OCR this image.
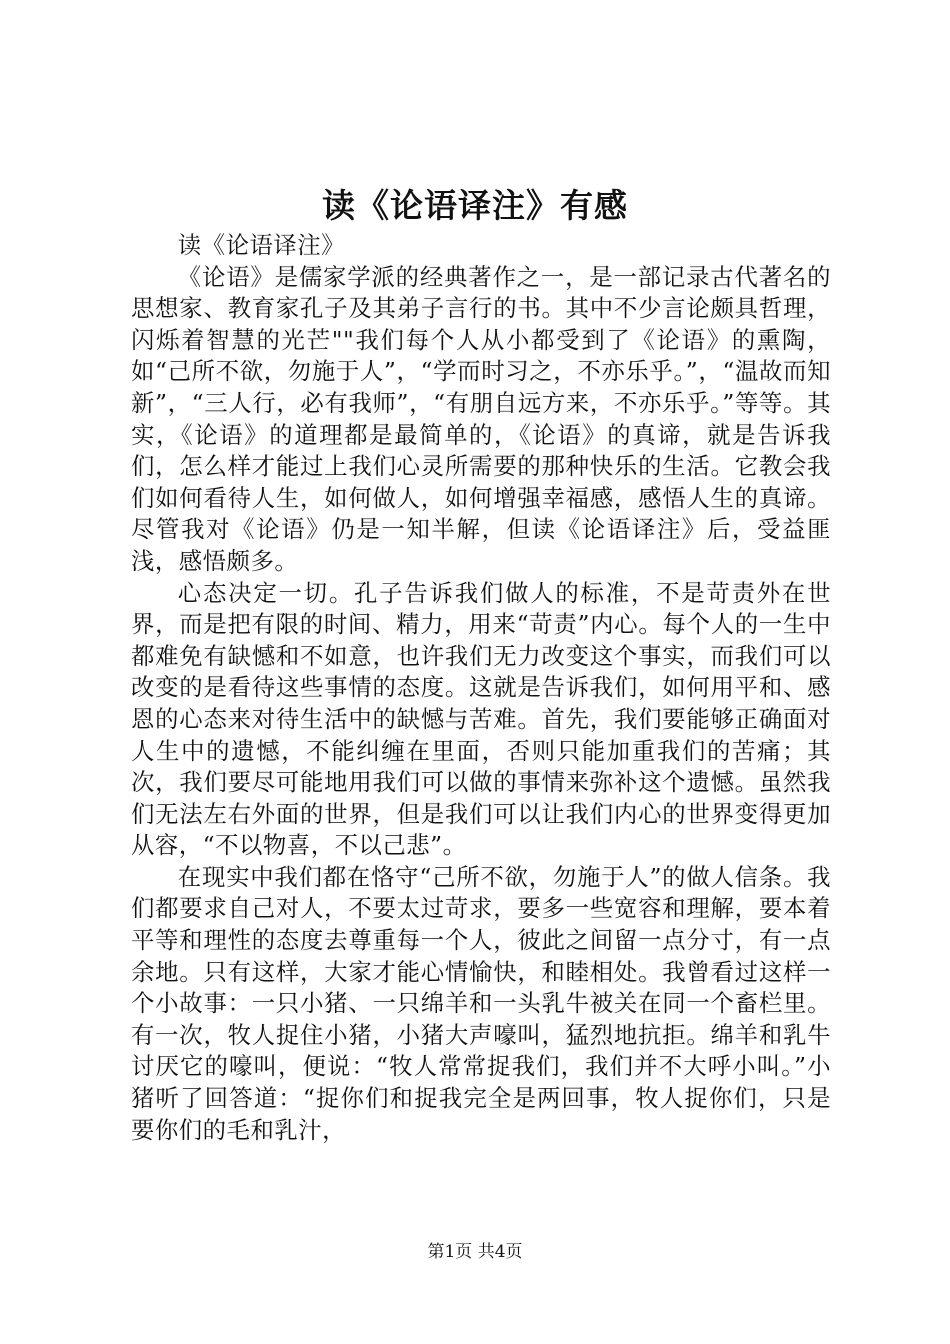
读《论语译注》有感

读《论语译注》

《论语》是儒家学派的经典著作之一，是一部记录古代著名的思想家、教育家孔子及其弟子言行的书。其中不少言论颇具哲理，闪烁着智慧的光芒""我们每个人从小都受到了《论语》的熏陶，如“己所不欲，勿施于人”，“学而时习之，不亦乐乎。”，“温故而知新”，“三人行，必有我师”，“有朋自远方来，不亦乐乎。”等等。其实，《论语》的道理都是最简单的，《论语》的真谛，就是告诉我们，怎么样才能过上我们心灵所需要的那种快乐的生活。它教会我们如何看待人生，如何做人，如何增强幸福感，感悟人生的真谛。尽管我对《论语》仍是一知半解，但读《论语译注》后，受益匪浅，感悟颇多。

心态决定一切。孔子告诉我们做人的标准，不是苛责外在世界，而是把有限的时间、精力，用来“苛责”内心。每个人的一生中都难免有缺憾和不如意，也许我们无力改变这个事实，而我们可以改变的是看待这些事情的态度。这就是告诉我们，如何用平和、感恩的心态来对待生活中的缺憾与苦难。首先，我们要能够正确面对人生中的遗憾，不能纠缠在里面，否则只能加重我们的苦痛；其次，我们要尽可能地用我们可以做的事情来弥补这个遗憾。虽然我们无法左右外面的世界，但是我们可以让我们内心的世界变得更加从容，“不以物喜，不以己悲”。

在现实中我们都在恪守“己所不欲，勿施于人”的做人信条。我们都要求自己对人，不要太过苛求，要多一些宽容和理解，要本着平等和理性的态度去尊重每一个人，彼此之间留一点分寸，有一点余地。只有这样，大家才能心情愉快，和睦相处。我曾看过这样一个小故事：一只小猪、一只绵羊和一头乳牛被关在同一个畜栏里。有一次，牧人捉住小猪，小猪大声嚎叫，猛烈地抗拒。绵羊和乳牛讨厌它的嚎叫，便说：“牧人常常捉我们，我们并不大呼小叫。”小猪听了回答道：“捉你们和捉我完全是两回事，牧人捉你们，只是要你们的毛和乳汁，

第1页 共4页
